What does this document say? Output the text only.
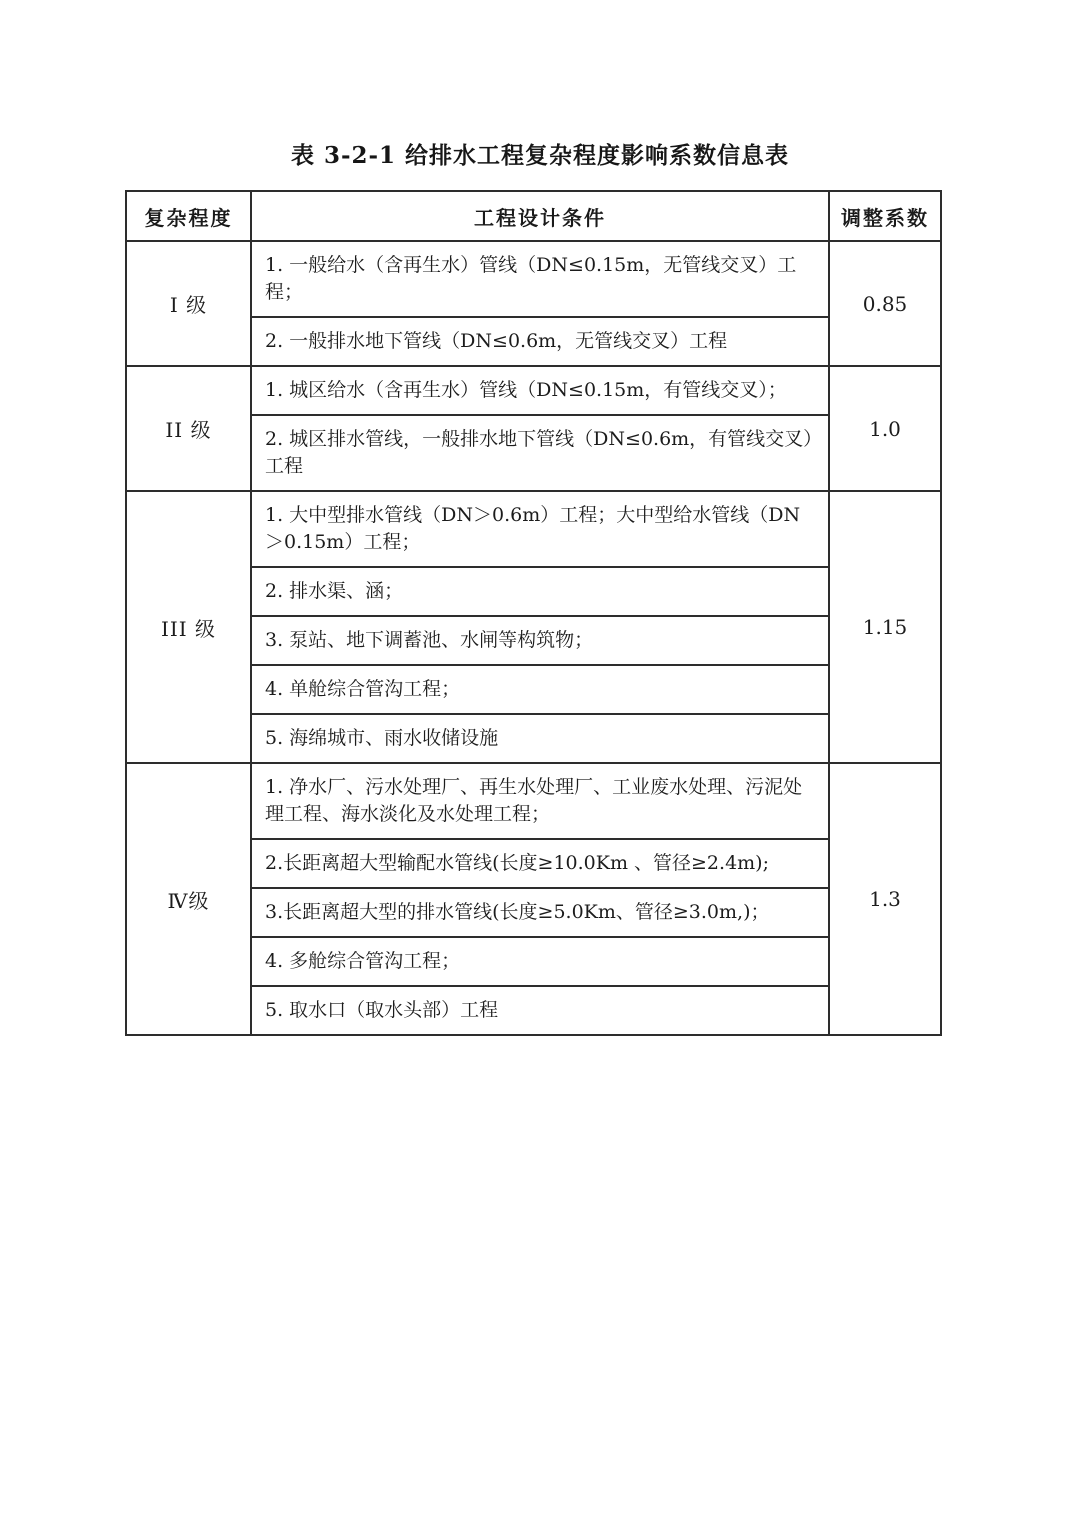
表 3-2-1 给排水工程复杂程度影响系数信息表
复杂程度	工程设计条件	调整系数
I 级	1. 一般给水（含再生水）管线（DN≤0.15m，无管线交叉）工程；	0.85
	2. 一般排水地下管线（DN≤0.6m，无管线交叉）工程	
II 级	1. 城区给水（含再生水）管线（DN≤0.15m，有管线交叉）；	1.0
	2. 城区排水管线，一般排水地下管线（DN≤0.6m，有管线交叉）工程	
III 级	1. 大中型排水管线（DN＞0.6m）工程；大中型给水管线（DN＞0.15m）工程；	1.15
	2. 排水渠、涵；	
	3. 泵站、地下调蓄池、水闸等构筑物；	
	4. 单舱综合管沟工程；	
	5. 海绵城市、雨水收储设施	
Ⅳ级	1. 净水厂、污水处理厂、再生水处理厂、工业废水处理、污泥处理工程、海水淡化及水处理工程；	1.3
	2.长距离超大型输配水管线(长度≥10.0Km 、管径≥2.4m);	
	3.长距离超大型的排水管线(长度≥5.0Km、管径≥3.0m,)；	
	4. 多舱综合管沟工程；	
	5. 取水口（取水头部）工程	
